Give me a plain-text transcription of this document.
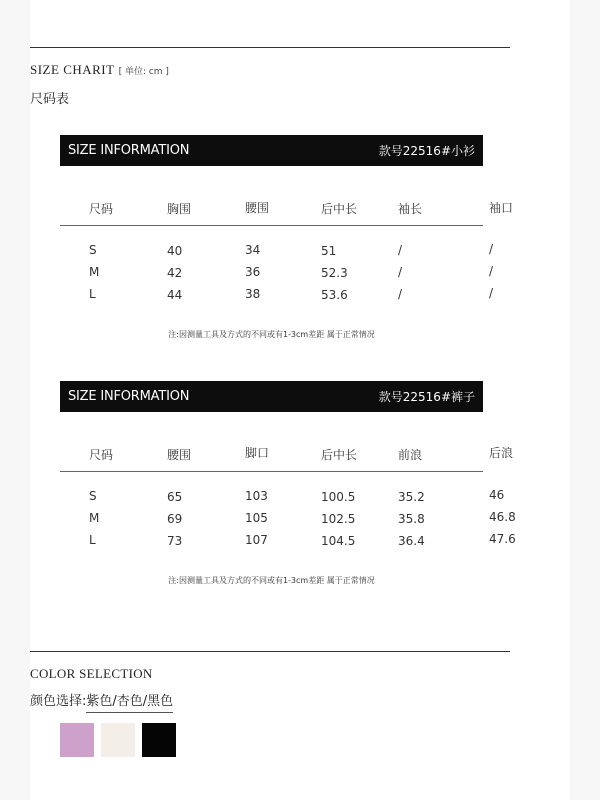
SIZE CHARIT [ 单位: cm ]
尺码表
SIZE INFORMATION	款号22516#小衫
尺码	胸围	腰围	后中长	袖长	袖口
S	40	34	51	/	/
M	42	36	52.3	/	/
L	44	38	53.6	/	/
注:因测量工具及方式的不同或有1-3cm差距 属于正常情况
SIZE INFORMATION	款号22516#裤子
尺码	腰围	脚口	后中长	前浪	后浪
S	65	103	100.5	35.2	46
M	69	105	102.5	35.8	46.8
L	73	107	104.5	36.4	47.6
注:因测量工具及方式的不同或有1-3cm差距 属于正常情况
COLOR SELECTION
颜色选择:紫色/杏色/黑色
